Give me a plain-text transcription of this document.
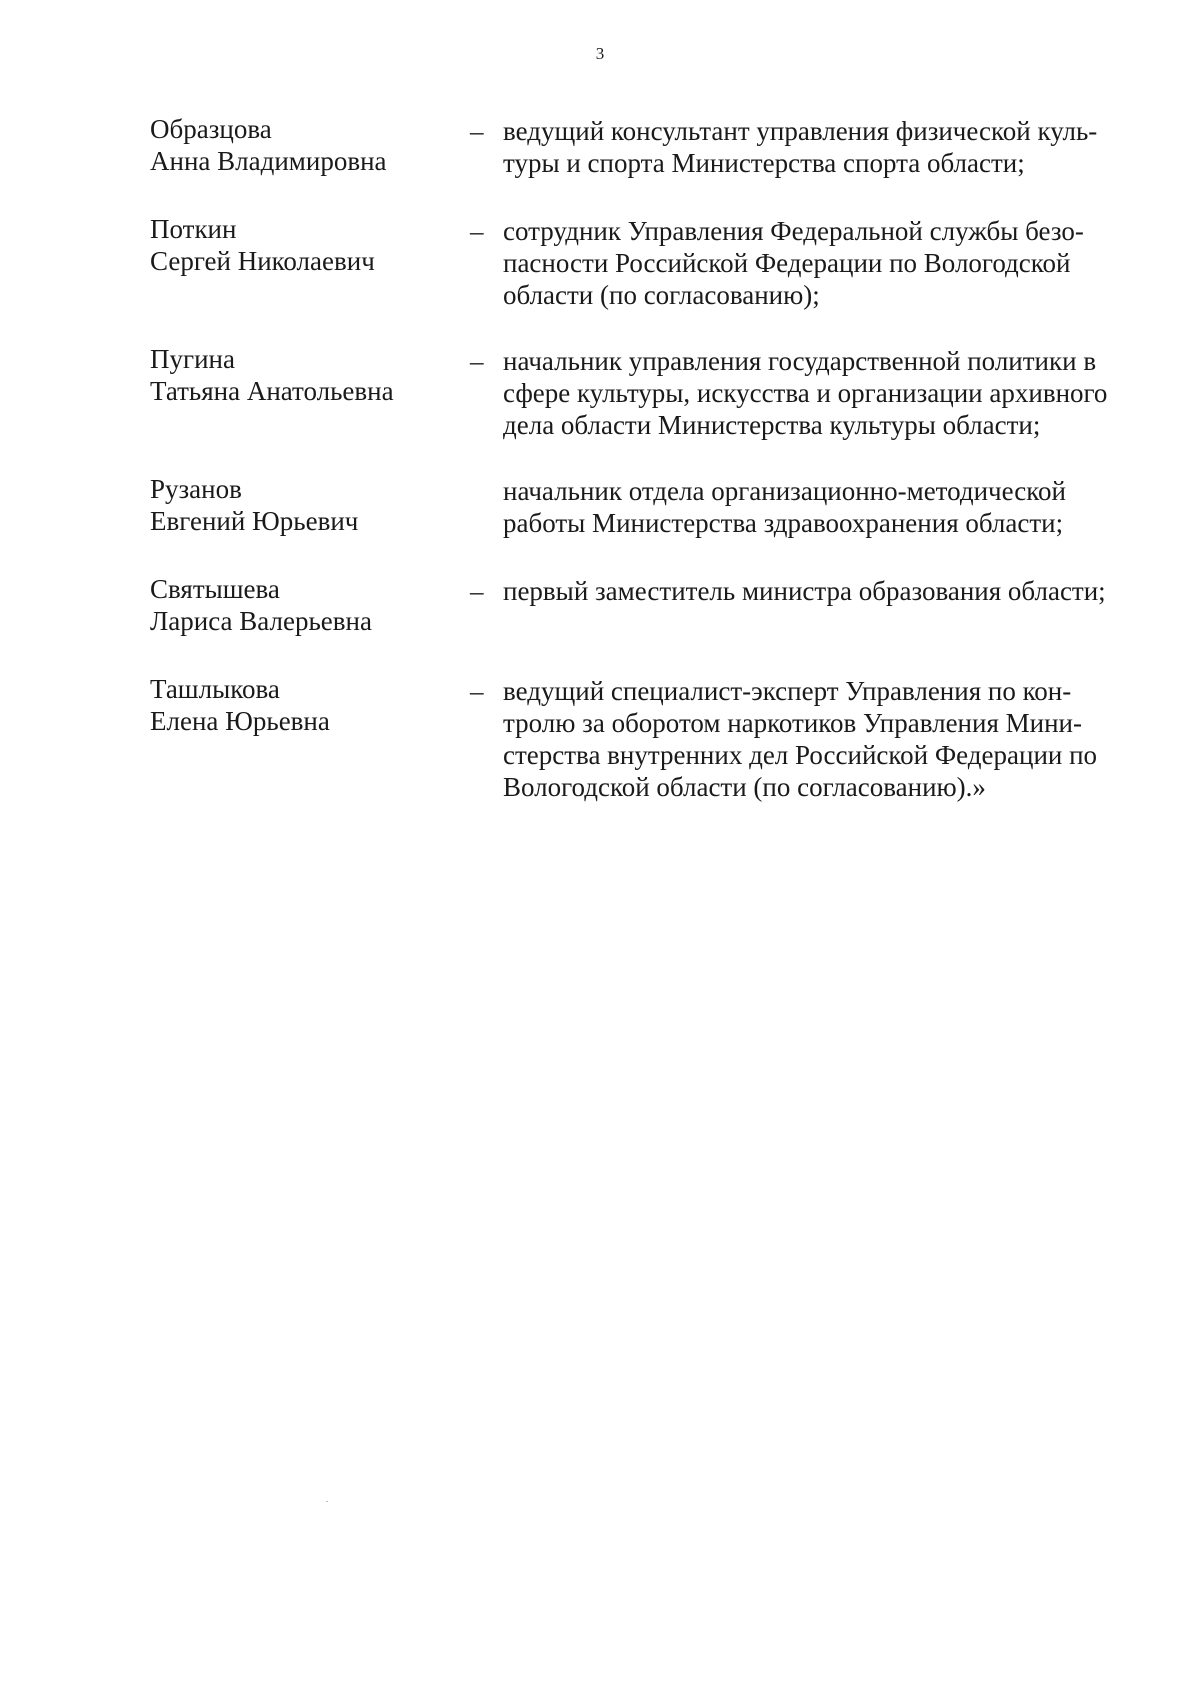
3
Образцова
Анна Владимировна
– ведущий консультант управления физической куль-
туры и спорта Министерства спорта области;
Поткин
Сергей Николаевич
– сотрудник Управления Федеральной службы безо-
пасности Российской Федерации по Вологодской
области (по согласованию);
Пугина
Татьяна Анатольевна
– начальник управления государственной политики в
сфере культуры, искусства и организации архивного
дела области Министерства культуры области;
Рузанов
Евгений Юрьевич
начальник отдела организационно-методической
работы Министерства здравоохранения области;
Святышева
Лариса Валерьевна
– первый заместитель министра образования области;
Ташлыкова
Елена Юрьевна
– ведущий специалист-эксперт Управления по кон-
тролю за оборотом наркотиков Управления Мини-
стерства внутренних дел Российской Федерации по
Вологодской области (по согласованию).»
